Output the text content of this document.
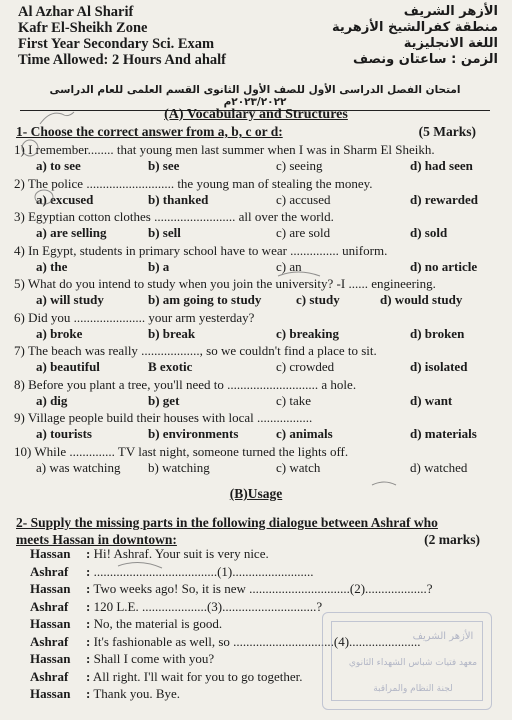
Al Azhar Al Sharif
Kafr El-Sheikh Zone
First Year Secondary Sci. Exam
Time Allowed: 2 Hours And ahalf
الأزهر الشريف
منطقة كفرالشيخ الأزهرية
اللغة الانجليزية
الزمن : ساعتان ونصف
امتحان الفصل الدراسى الأول للصف الأول الثانوى القسم العلمى للعام الدراسى ٢٠٢٣/٢٠٢٢م
(A) Vocabulary and Structures
1- Choose the correct answer from a, b, c or d:	(5 Marks)
1) I remember........ that young men last summer when I was in Sharm El Sheikh.
a) to see	b) see	c) seeing	d) had seen
2) The police ........................... the young man of stealing the money.
a) excused	b) thanked	c) accused	d) rewarded
3) Egyptian cotton clothes ......................... all over the world.
a) are selling	b) sell	c) are sold	d) sold
4) In Egypt, students in primary school have to wear ............... uniform.
a) the	b) a	c) an	d) no article
5) What do you intend to study when you join the university? -I ...... engineering.
a) will study	b) am going to study	c) study	d) would study
6) Did you ...................... your arm yesterday?
a) broke	b) break	c) breaking	d) broken
7) The beach was really .................., so we couldn't find a place to sit.
a) beautiful	B exotic	c) crowded	d) isolated
8) Before you plant a tree, you'll need to ............................ a hole.
a) dig	b) get	c) take	d) want
9) Village people build their houses with local .................
a) tourists	b) environments	c) animals	d) materials
10) While .............. TV last night, someone turned the lights off.
a) was watching b) watching	c) watch	d) watched
(B)Usage
2- Supply the missing parts in the following dialogue between Ashraf who
meets Hassan in downtown:	(2 marks)
Hassan : Hi! Ashraf. Your suit is very nice.
Ashraf : ......................................(1).........................
Hassan : Two weeks ago! So, it is new ...............................(2)...................?
Ashraf : 120 L.E. ....................(3).............................?
Hassan : No, the material is good.
Ashraf : It's fashionable as well, so ...............................(4)......................
Hassan : Shall I come with you?
Ashraf : All right. I'll wait for you to go together.
Hassan : Thank you. Bye.
الأزهر الشريف
معهد فتيات شباس الشهداء الثانوي
لجنة النظام والمراقبة
